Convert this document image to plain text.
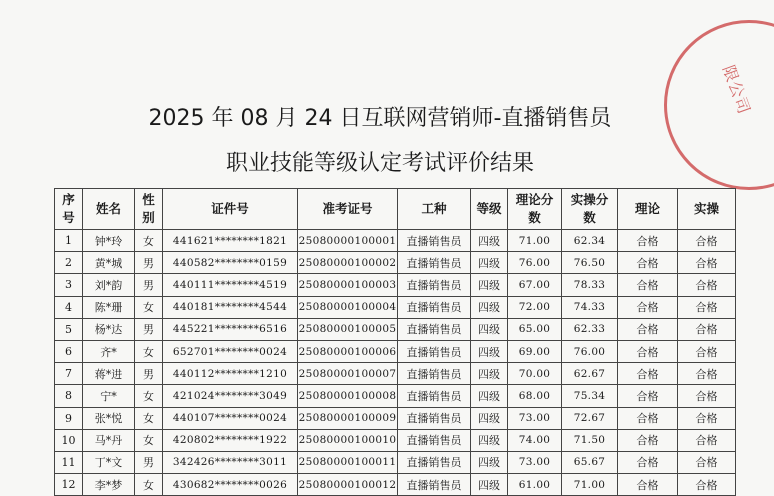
限公司
2025 年 08 月 24 日互联网营销师-直播销售员
职业技能等级认定考试评价结果
序号	姓名	性别	证件号	准考证号	工种	等级	理论分数	实操分数	理论	实操
1	钟*玲	女	441621********1821	25080000100001	直播销售员	四级	71.00	62.34	合格	合格
2	黄*城	男	440582********0159	25080000100002	直播销售员	四级	76.00	76.50	合格	合格
3	刘*韵	男	440111********4519	25080000100003	直播销售员	四级	67.00	78.33	合格	合格
4	陈*珊	女	440181********4544	25080000100004	直播销售员	四级	72.00	74.33	合格	合格
5	杨*达	男	445221********6516	25080000100005	直播销售员	四级	65.00	62.33	合格	合格
6	齐*	女	652701********0024	25080000100006	直播销售员	四级	69.00	76.00	合格	合格
7	蒋*进	男	440112********1210	25080000100007	直播销售员	四级	70.00	62.67	合格	合格
8	宁*	女	421024********3049	25080000100008	直播销售员	四级	68.00	75.34	合格	合格
9	张*悦	女	440107********0024	25080000100009	直播销售员	四级	73.00	72.67	合格	合格
10	马*丹	女	420802********1922	25080000100010	直播销售员	四级	74.00	71.50	合格	合格
11	丁*文	男	342426********3011	25080000100011	直播销售员	四级	73.00	65.67	合格	合格
12	李*梦	女	430682********0026	25080000100012	直播销售员	四级	61.00	71.00	合格	合格
